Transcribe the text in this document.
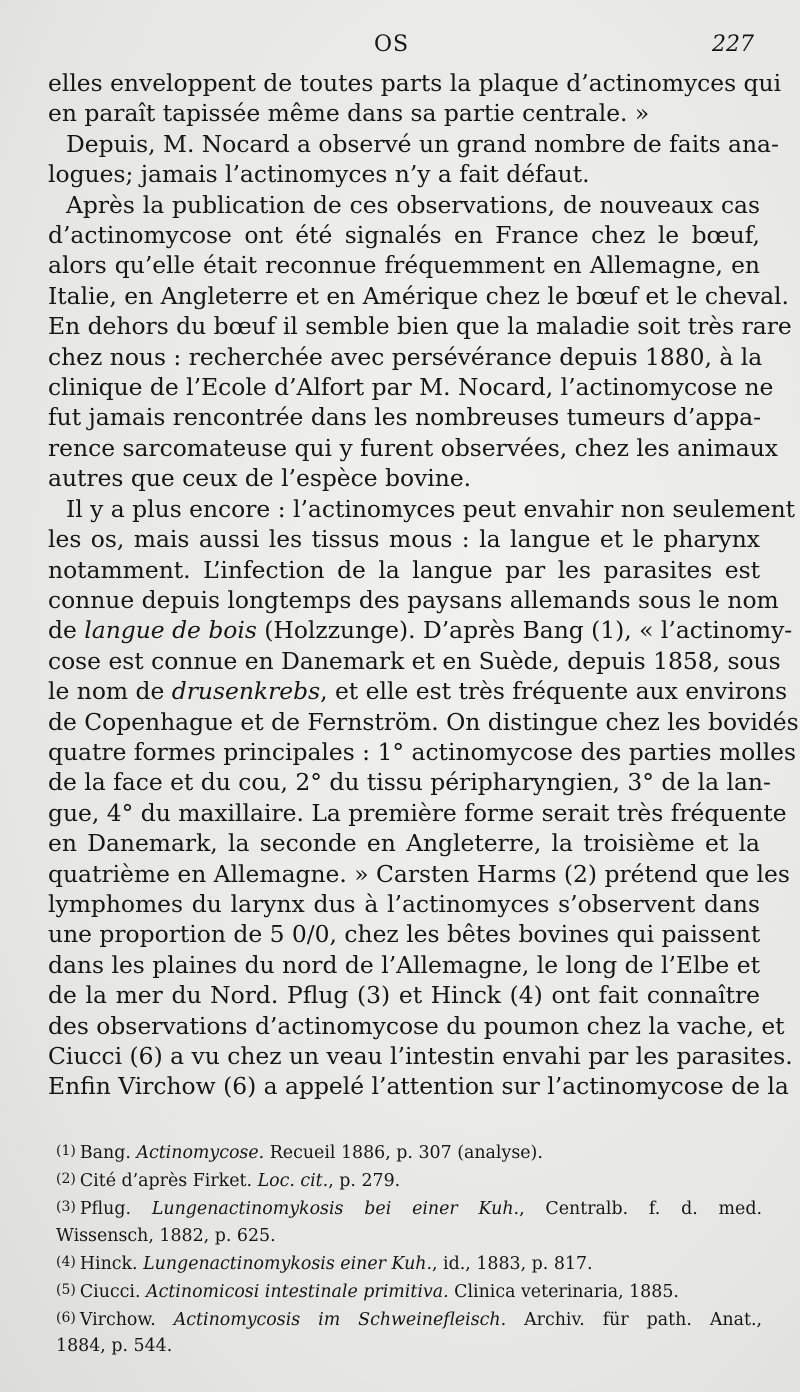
OS	227

elles enveloppent de toutes parts la plaque d’actinomyces qui
en paraît tapissée même dans sa partie centrale. »

Depuis, M. Nocard a observé un grand nombre de faits ana-
logues; jamais l’actinomyces n’y a fait défaut.

Après la publication de ces observations, de nouveaux cas
d’actinomycose ont été signalés en France chez le bœuf,
alors qu’elle était reconnue fréquemment en Allemagne, en
Italie, en Angleterre et en Amérique chez le bœuf et le cheval.
En dehors du bœuf il semble bien que la maladie soit très rare
chez nous : recherchée avec persévérance depuis 1880, à la
clinique de l’Ecole d’Alfort par M. Nocard, l’actinomycose ne
fut jamais rencontrée dans les nombreuses tumeurs d’appa-
rence sarcomateuse qui y furent observées, chez les animaux
autres que ceux de l’espèce bovine.

Il y a plus encore : l’actinomyces peut envahir non seulement
les os, mais aussi les tissus mous : la langue et le pharynx
notamment. L’infection de la langue par les parasites est
connue depuis longtemps des paysans allemands sous le nom
de langue de bois (Holzzunge). D’après Bang (1), « l’actinomy-
cose est connue en Danemark et en Suède, depuis 1858, sous
le nom de drusenkrebs, et elle est très fréquente aux environs
de Copenhague et de Fernström. On distingue chez les bovidés
quatre formes principales : 1° actinomycose des parties molles
de la face et du cou, 2° du tissu péripharyngien, 3° de la lan-
gue, 4° du maxillaire. La première forme serait très fréquente
en Danemark, la seconde en Angleterre, la troisième et la
quatrième en Allemagne. » Carsten Harms (2) prétend que les
lymphomes du larynx dus à l’actinomyces s’observent dans
une proportion de 5 0/0, chez les bêtes bovines qui paissent
dans les plaines du nord de l’Allemagne, le long de l’Elbe et
de la mer du Nord. Pflug (3) et Hinck (4) ont fait connaître
des observations d’actinomycose du poumon chez la vache, et
Ciucci (6) a vu chez un veau l’intestin envahi par les parasites.
Enfin Virchow (6) a appelé l’attention sur l’actinomycose de la

(1) Bang. Actinomycose. Recueil 1886, p. 307 (analyse).
(2) Cité d’après Firket. Loc. cit., p. 279.
(3) Pflug. Lungenactinomykosis bei einer Kuh., Centralb. f. d. med.
Wissensch, 1882, p. 625.
(4) Hinck. Lungenactinomykosis einer Kuh., id., 1883, p. 817.
(5) Ciucci. Actinomicosi intestinale primitiva. Clinica veterinaria, 1885.
(6) Virchow. Actinomycosis im Schweinefleisch. Archiv. für path. Anat.,
1884, p. 544.
